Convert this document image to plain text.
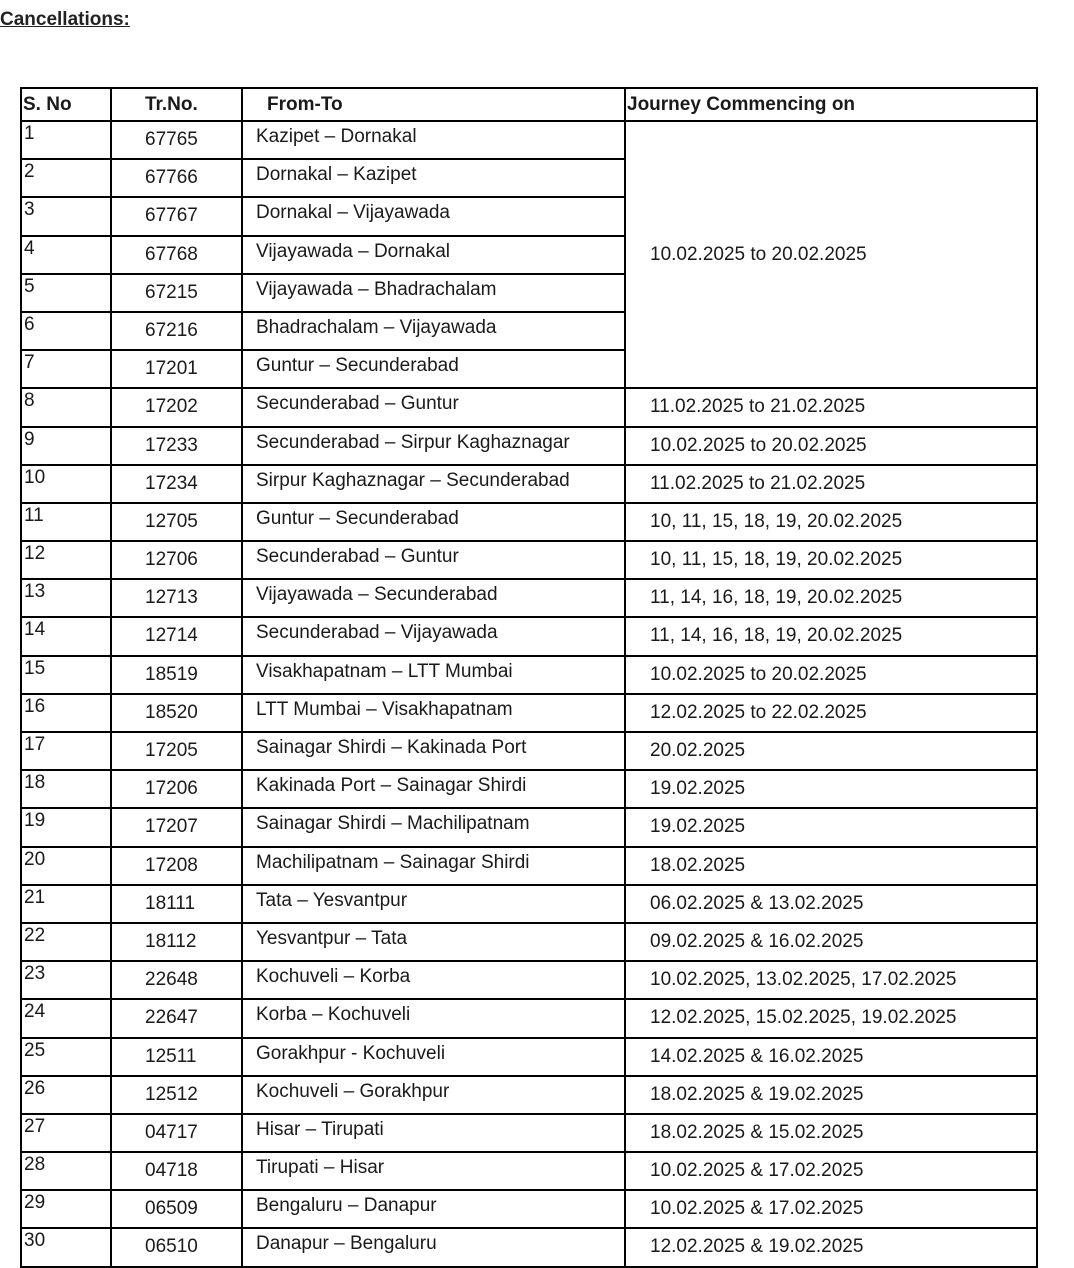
Cancellations:
S. No	Tr.No.	From-To	Journey Commencing on
1	67765	Kazipet – Dornakal	10.02.2025 to 20.02.2025
2	67766	Dornakal – Kazipet	
3	67767	Dornakal – Vijayawada	
4	67768	Vijayawada – Dornakal	
5	67215	Vijayawada – Bhadrachalam	
6	67216	Bhadrachalam – Vijayawada	
7	17201	Guntur – Secunderabad	
8	17202	Secunderabad – Guntur	11.02.2025 to 21.02.2025
9	17233	Secunderabad – Sirpur Kaghaznagar	10.02.2025 to 20.02.2025
10	17234	Sirpur Kaghaznagar – Secunderabad	11.02.2025 to 21.02.2025
11	12705	Guntur – Secunderabad	10, 11, 15, 18, 19, 20.02.2025
12	12706	Secunderabad – Guntur	10, 11, 15, 18, 19, 20.02.2025
13	12713	Vijayawada – Secunderabad	11, 14, 16, 18, 19, 20.02.2025
14	12714	Secunderabad – Vijayawada	11, 14, 16, 18, 19, 20.02.2025
15	18519	Visakhapatnam – LTT Mumbai	10.02.2025 to 20.02.2025
16	18520	LTT Mumbai – Visakhapatnam	12.02.2025 to 22.02.2025
17	17205	Sainagar Shirdi – Kakinada Port	20.02.2025
18	17206	Kakinada Port – Sainagar Shirdi	19.02.2025
19	17207	Sainagar Shirdi – Machilipatnam	19.02.2025
20	17208	Machilipatnam – Sainagar Shirdi	18.02.2025
21	18111	Tata – Yesvantpur	06.02.2025 & 13.02.2025
22	18112	Yesvantpur – Tata	09.02.2025 & 16.02.2025
23	22648	Kochuveli – Korba	10.02.2025, 13.02.2025, 17.02.2025
24	22647	Korba – Kochuveli	12.02.2025, 15.02.2025, 19.02.2025
25	12511	Gorakhpur - Kochuveli	14.02.2025 & 16.02.2025
26	12512	Kochuveli – Gorakhpur	18.02.2025 & 19.02.2025
27	04717	Hisar – Tirupati	18.02.2025 & 15.02.2025
28	04718	Tirupati – Hisar	10.02.2025 & 17.02.2025
29	06509	Bengaluru – Danapur	10.02.2025 & 17.02.2025
30	06510	Danapur – Bengaluru	12.02.2025 & 19.02.2025
